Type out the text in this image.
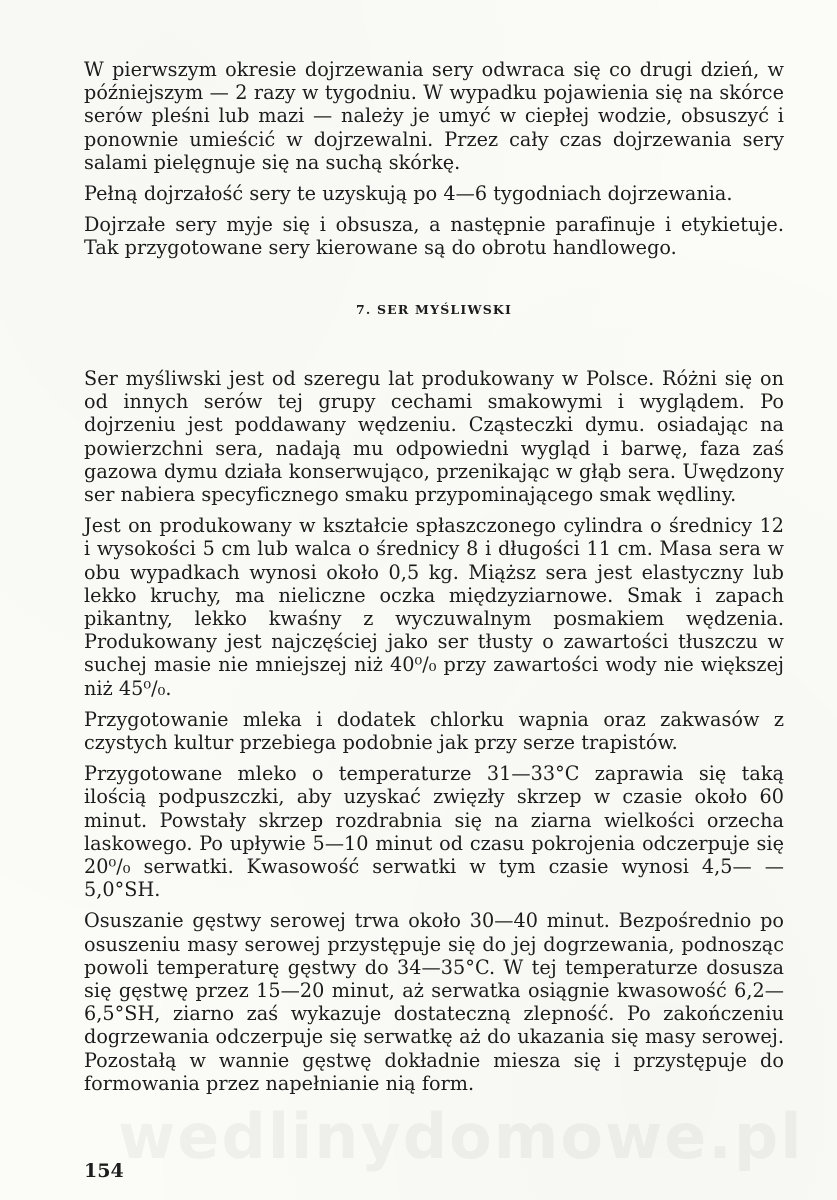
W pierwszym okresie dojrzewania sery odwraca się co drugi dzień, w późniejszym — 2 razy w tygodniu. W wypadku pojawienia się na skórce serów pleśni lub mazi — należy je umyć w ciepłej wodzie, obsuszyć i ponownie umieścić w dojrzewalni. Przez cały czas dojrzewania sery salami pielęgnuje się na suchą skórkę.

Pełną dojrzałość sery te uzyskują po 4—6 tygodniach dojrzewania.

Dojrzałe sery myje się i obsusza, a następnie parafinuje i etykietuje. Tak przygotowane sery kierowane są do obrotu handlowego.

7. SER MYŚLIWSKI

Ser myśliwski jest od szeregu lat produkowany w Polsce. Różni się on od innych serów tej grupy cechami smakowymi i wyglądem. Po dojrzeniu jest poddawany wędzeniu. Cząsteczki dymu. osiadając na powierzchni sera, nadają mu odpowiedni wygląd i barwę, faza zaś gazowa dymu działa konserwująco, przenikając w głąb sera. Uwędzony ser nabiera specyficznego smaku przypominającego smak wędliny.

Jest on produkowany w kształcie spłaszczonego cylindra o średnicy 12 i wysokości 5 cm lub walca o średnicy 8 i długości 11 cm. Masa sera w obu wypadkach wynosi około 0,5 kg. Miąższ sera jest elastyczny lub lekko kruchy, ma nieliczne oczka międzyziarnowe. Smak i zapach pikantny, lekko kwaśny z wyczuwalnym posmakiem wędzenia. Produkowany jest najczęściej jako ser tłusty o zawartości tłuszczu w suchej masie nie mniejszej niż 40⁰/₀ przy zawartości wody nie większej niż 45⁰/₀.

Przygotowanie mleka i dodatek chlorku wapnia oraz zakwasów z czystych kultur przebiega podobnie jak przy serze trapistów.

Przygotowane mleko o temperaturze 31—33°C zaprawia się taką ilością podpuszczki, aby uzyskać zwięzły skrzep w czasie około 60 minut. Powstały skrzep rozdrabnia się na ziarna wielkości orzecha laskowego. Po upływie 5—10 minut od czasu pokrojenia odczerpuje się 20⁰/₀ serwatki. Kwasowość serwatki w tym czasie wynosi 4,5— —5,0°SH.

Osuszanie gęstwy serowej trwa około 30—40 minut. Bezpośrednio po osuszeniu masy serowej przystępuje się do jej dogrzewania, podnosząc powoli temperaturę gęstwy do 34—35°C. W tej temperaturze dosusza się gęstwę przez 15—20 minut, aż serwatka osiągnie kwasowość 6,2—6,5°SH, ziarno zaś wykazuje dostateczną zlepność. Po zakończeniu dogrzewania odczerpuje się serwatkę aż do ukazania się masy serowej. Pozostałą w wannie gęstwę dokładnie miesza się i przystępuje do formowania przez napełnianie nią form.

154
